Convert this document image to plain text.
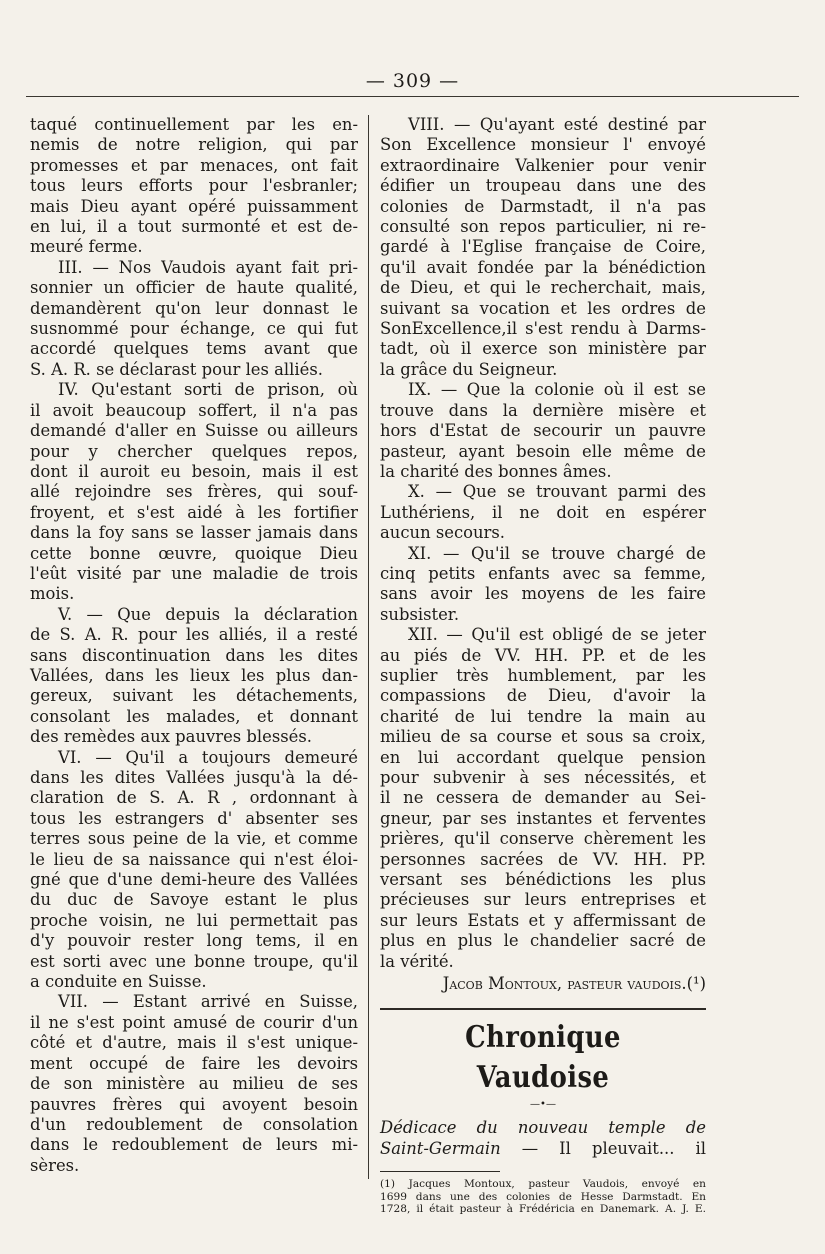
— 309 —
taqué continuellement par les en-
nemis de notre religion, qui par
promesses et par menaces, ont fait
tous leurs efforts pour l'esbranler;
mais Dieu ayant opéré puissamment
en lui, il a tout surmonté et est de-
meuré ferme.
III. — Nos Vaudois ayant fait pri-
sonnier un officier de haute qualité,
demandèrent qu'on leur donnast le
susnommé pour échange, ce qui fut
accordé quelques tems avant que
S. A. R. se déclarast pour les alliés.
IV. Qu'estant sorti de prison, où
il avoit beaucoup soffert, il n'a pas
demandé d'aller en Suisse ou ailleurs
pour y chercher quelques repos,
dont il auroit eu besoin, mais il est
allé rejoindre ses frères, qui souf-
froyent, et s'est aidé à les fortifier
dans la foy sans se lasser jamais dans
cette bonne œuvre, quoique Dieu
l'eût visité par une maladie de trois
mois.
V. — Que depuis la déclaration
de S. A. R. pour les alliés, il a resté
sans discontinuation dans les dites
Vallées, dans les lieux les plus dan-
gereux, suivant les détachements,
consolant les malades, et donnant
des remèdes aux pauvres blessés.
VI. — Qu'il a toujours demeuré
dans les dites Vallées jusqu'à la dé-
claration de S. A. R , ordonnant à
tous les estrangers d' absenter ses
terres sous peine de la vie, et comme
le lieu de sa naissance qui n'est éloi-
gné que d'une demi-heure des Vallées
du duc de Savoye estant le plus
proche voisin, ne lui permettait pas
d'y pouvoir rester long tems, il en
est sorti avec une bonne troupe, qu'il
a conduite en Suisse.
VII. — Estant arrivé en Suisse,
il ne s'est point amusé de courir d'un
côté et d'autre, mais il s'est unique-
ment occupé de faire les devoirs
de son ministère au milieu de ses
pauvres frères qui avoyent besoin
d'un redoublement de consolation
dans le redoublement de leurs mi-
sères.
VIII. — Qu'ayant esté destiné par
Son Excellence monsieur l' envoyé
extraordinaire Valkenier pour venir
édifier un troupeau dans une des
colonies de Darmstadt, il n'a pas
consulté son repos particulier, ni re-
gardé à l'Eglise française de Coire,
qu'il avait fondée par la bénédiction
de Dieu, et qui le recherchait, mais,
suivant sa vocation et les ordres de
SonExcellence,il s'est rendu à Darms-
tadt, où il exerce son ministère par
la grâce du Seigneur.
IX. — Que la colonie où il est se
trouve dans la dernière misère et
hors d'Estat de secourir un pauvre
pasteur, ayant besoin elle même de
la charité des bonnes âmes.
X. — Que se trouvant parmi des
Luthériens, il ne doit en espérer
aucun secours.
XI. — Qu'il se trouve chargé de
cinq petits enfants avec sa femme,
sans avoir les moyens de les faire
subsister.
XII. — Qu'il est obligé de se jeter
au piés de VV. HH. PP. et de les
suplier très humblement, par les
compassions de Dieu, d'avoir la
charité de lui tendre la main au
milieu de sa course et sous sa croix,
en lui accordant quelque pension
pour subvenir à ses nécessités, et
il ne cessera de demander au Sei-
gneur, par ses instantes et ferventes
prières, qu'il conserve chèrement les
personnes sacrées de VV. HH. PP.
versant ses bénédictions les plus
précieuses sur leurs entreprises et
sur leurs Estats et y affermissant de
plus en plus le chandelier sacré de
la vérité.
Jacob Montoux, pasteur vaudois.(¹)
Chronique Vaudoise
—•—
Dédicace du nouveau temple de
Saint-Germain — Il pleuvait... il
(1) Jacques Montoux, pasteur Vaudois, envoyé en
1699 dans une des colonies de Hesse Darmstadt. En
1728, il était pasteur à Frédéricia en Danemark. A. J. E.
